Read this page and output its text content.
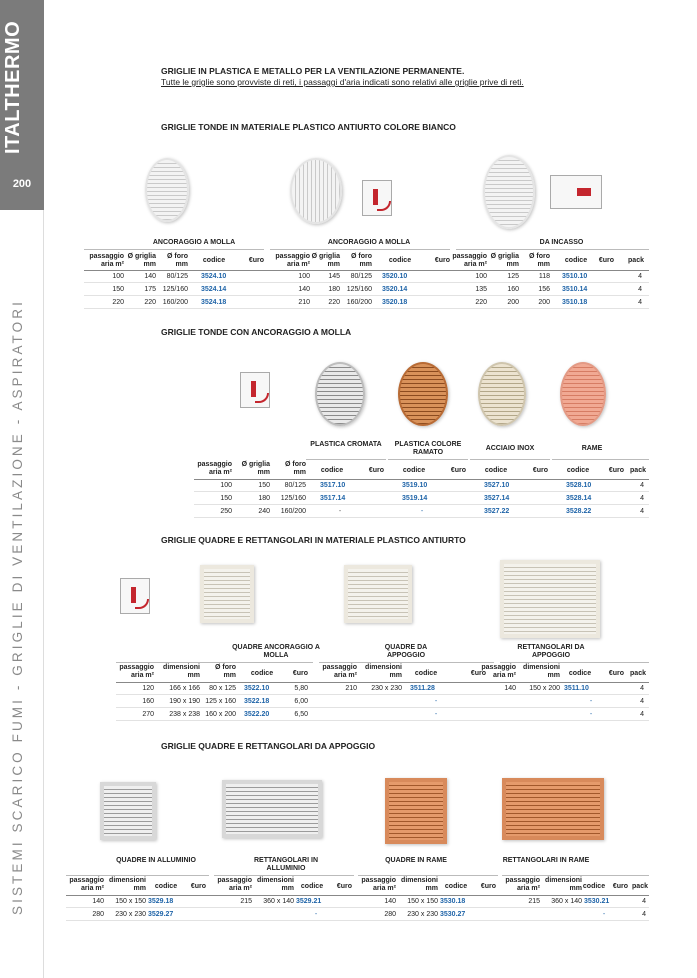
ITALTHERMO
200
SISTEMI SCARICO FUMI - GRIGLIE DI VENTILAZIONE - ASPIRATORI
GRIGLIE IN PLASTICA E METALLO PER LA VENTILAZIONE PERMANENTE.
Tutte le griglie sono provviste di reti, i passaggi d'aria indicati sono relativi alle griglie prive di reti.
GRIGLIE TONDE IN MATERIALE PLASTICO ANTIURTO COLORE BIANCO
ANCORAGGIO A MOLLA	ANCORAGGIO A MOLLA	DA INCASSO
passaggio aria m²
Ø griglia mm
Ø foro mm
codice	€uro
passaggio aria m²
Ø griglia mm
Ø foro mm
codice	€uro
passaggio aria m²
Ø griglia mm
Ø foro mm
codice	€uro	pack
100	140	80/125 3524.10	100	145	80/125 3520.10	100	125	118 3510.10	4
150	175 125/160 3524.14	140	180 125/160 3520.14	135	160	156 3510.14	4
220	220 160/200 3524.18	210	220 160/200 3520.18	220	200	200 3510.18	4
GRIGLIE TONDE CON ANCORAGGIO A MOLLA
PLASTICA CROMATA	PLASTICA COLORE RAMATO
ACCIAIO INOX	RAME
passaggio aria m²
Ø griglia mm
Ø foro mm	codice	€uro	codice	€uro	codice	€uro	codice	€uro pack
100	150	80/125 3517.10	3519.10	3527.10	3528.10	4
150	180	125/160 3517.14	3519.14	3527.14	3528.14	4
250	240	160/200	-	-	3527.22	3528.22	4
GRIGLIE QUADRE E RETTANGOLARI IN MATERIALE PLASTICO ANTIURTO
QUADRE ANCORAGGIO A MOLLA
QUADRE DA APPOGGIO
RETTANGOLARI DA APPOGGIO
passaggio aria m²
dimensioni mm
Ø foro mm	codice	€uro
passaggio aria m²
dimensioni mm	codice	€uro
passaggio aria m²
dimensioni mm	codice	€uro pack
120	166 x 166	80 x 125 3522.10	5,80	210	230 x 230 3511.28	140	150 x 200 3511.10	4
160	190 x 190 125 x 160 3522.18	6,00	-	-	4
270	238 x 238 160 x 200 3522.20	6,50	-	-	4
GRIGLIE QUADRE E RETTANGOLARI DA APPOGGIO
QUADRE IN ALLUMINIO	RETTANGOLARI IN ALLUMINIO
QUADRE IN RAME	RETTANGOLARI IN RAME
passaggio aria m²
dimensioni mm	codice	€uro
passaggio aria m²
dimensioni mm codice	€uro
passaggio aria m²
dimensioni mm codice	€uro
passaggio aria m²
dimensioni mm codice	€uro pack
140	150 x 150 3529.18	215	360 x 140 3529.21	140	150 x 150 3530.18	215	360 x 140 3530.21	4
280	230 x 230 3529.27	-	280	230 x 230 3530.27	-	4
